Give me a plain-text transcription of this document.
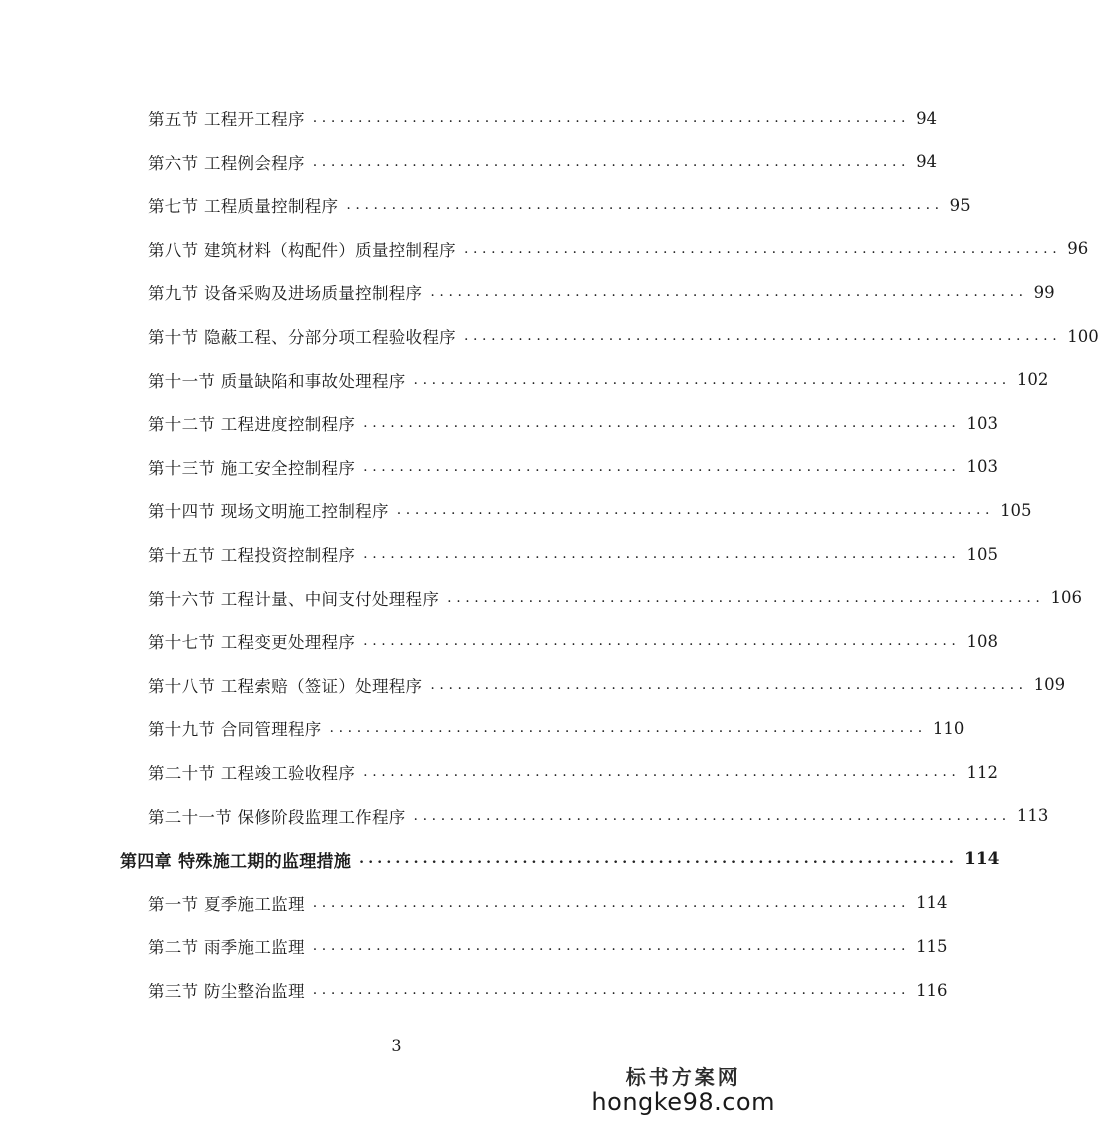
第五节 工程开工程序 .................................................................. 94
第六节 工程例会程序 .................................................................. 94
第七节 工程质量控制程序 .................................................................. 95
第八节 建筑材料（构配件）质量控制程序 .................................................................. 96
第九节 设备采购及进场质量控制程序 .................................................................. 99
第十节 隐蔽工程、分部分项工程验收程序 .................................................................. 100
第十一节 质量缺陷和事故处理程序 .................................................................. 102
第十二节 工程进度控制程序 .................................................................. 103
第十三节 施工安全控制程序 .................................................................. 103
第十四节 现场文明施工控制程序 .................................................................. 105
第十五节 工程投资控制程序 .................................................................. 105
第十六节 工程计量、中间支付处理程序 .................................................................. 106
第十七节 工程变更处理程序 .................................................................. 108
第十八节 工程索赔（签证）处理程序 .................................................................. 109
第十九节 合同管理程序 .................................................................. 110
第二十节 工程竣工验收程序 .................................................................. 112
第二十一节 保修阶段监理工作程序 .................................................................. 113
第四章 特殊施工期的监理措施 .................................................................. 114
第一节 夏季施工监理 .................................................................. 114
第二节 雨季施工监理 .................................................................. 115
第三节 防尘整治监理 .................................................................. 116
3
标书方案网
hongke98.com
